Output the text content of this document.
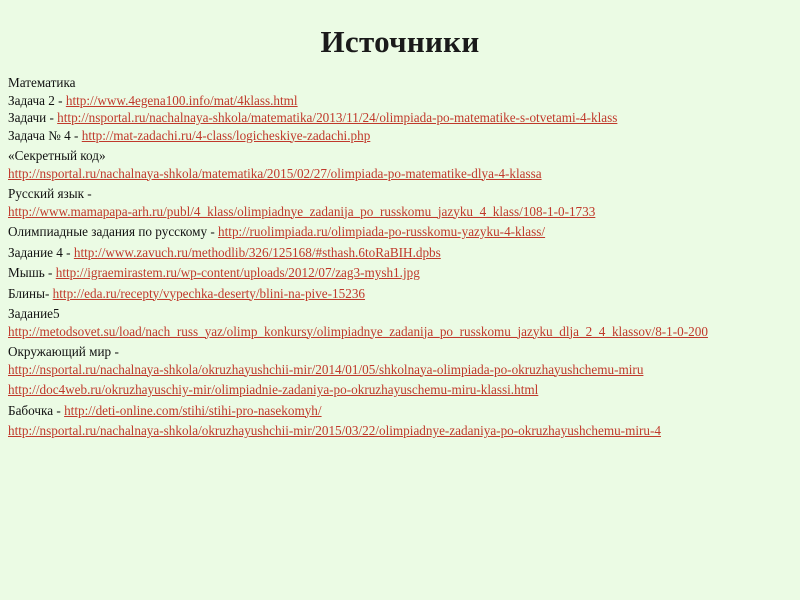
Источники
Математика
Задача 2 - http://www.4egena100.info/mat/4klass.html
Задачи - http://nsportal.ru/nachalnaya-shkola/matematika/2013/11/24/olimpiada-po-matematike-s-otvetami-4-klass
Задача № 4 - http://mat-zadachi.ru/4-class/logicheskiye-zadachi.php
«Секретный код»
http://nsportal.ru/nachalnaya-shkola/matematika/2015/02/27/olimpiada-po-matematike-dlya-4-klassa
Русский язык -
http://www.mamapapa-arh.ru/publ/4_klass/olimpiadnye_zadanija_po_russkomu_jazyku_4_klass/108-1-0-1733
Олимпиадные задания по русскому - http://ruolimpiada.ru/olimpiada-po-russkomu-yazyku-4-klass/
Задание 4 - http://www.zavuch.ru/methodlib/326/125168/#sthash.6toRaBIH.dpbs
Мышь - http://igraemirastem.ru/wp-content/uploads/2012/07/zag3-mysh1.jpg
Блины- http://eda.ru/recepty/vypechka-deserty/blini-na-pive-15236
Задание5
http://metodsovet.su/load/nach_russ_yaz/olimp_konkursy/olimpiadnye_zadanija_po_russkomu_jazyku_dlja_2_4_klassov/8-1-0-200
Окружающий мир -
http://nsportal.ru/nachalnaya-shkola/okruzhayushchii-mir/2014/01/05/shkolnaya-olimpiada-po-okruzhayushchemu-miru
http://doc4web.ru/okruzhayuschiy-mir/olimpiadnie-zadaniya-po-okruzhayuschemu-miru-klassi.html
Бабочка - http://deti-online.com/stihi/stihi-pro-nasekomyh/
http://nsportal.ru/nachalnaya-shkola/okruzhayushchii-mir/2015/03/22/olimpiadnye-zadaniya-po-okruzhayushchemu-miru-4
